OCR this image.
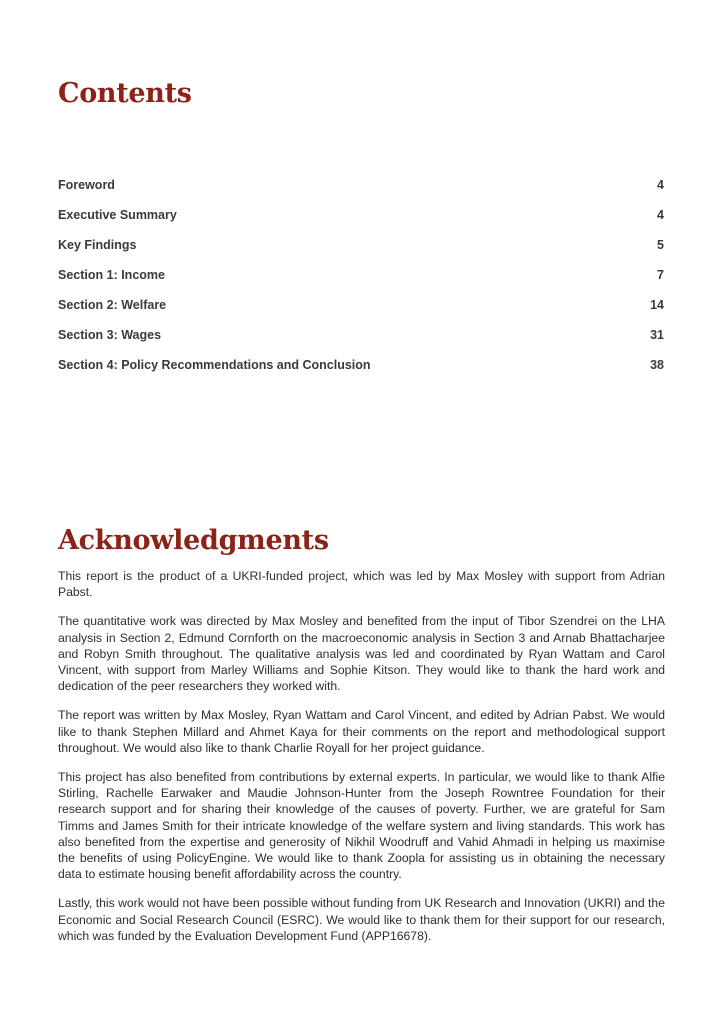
Contents
Foreword	4
Executive Summary	4
Key Findings	5
Section 1: Income	7
Section 2: Welfare	14
Section 3: Wages	31
Section 4: Policy Recommendations and Conclusion	38
Acknowledgments

This report is the product of a UKRI-funded project, which was led by Max Mosley with support from Adrian Pabst.

The quantitative work was directed by Max Mosley and benefited from the input of Tibor Szendrei on the LHA analysis in Section 2, Edmund Cornforth on the macroeconomic analysis in Section 3 and Arnab Bhattacharjee and Robyn Smith throughout. The qualitative analysis was led and coordinated by Ryan Wattam and Carol Vincent, with support from Marley Williams and Sophie Kitson. They would like to thank the hard work and dedication of the peer researchers they worked with.

The report was written by Max Mosley, Ryan Wattam and Carol Vincent, and edited by Adrian Pabst. We would like to thank Stephen Millard and Ahmet Kaya for their comments on the report and methodological support throughout. We would also like to thank Charlie Royall for her project guidance.

This project has also benefited from contributions by external experts. In particular, we would like to thank Alfie Stirling, Rachelle Earwaker and Maudie Johnson-Hunter from the Joseph Rowntree Foundation for their research support and for sharing their knowledge of the causes of poverty. Further, we are grateful for Sam Timms and James Smith for their intricate knowledge of the welfare system and living standards. This work has also benefited from the expertise and generosity of Nikhil Woodruff and Vahid Ahmadi in helping us maximise the benefits of using PolicyEngine. We would like to thank Zoopla for assisting us in obtaining the necessary data to estimate housing benefit affordability across the country.

Lastly, this work would not have been possible without funding from UK Research and Innovation (UKRI) and the Economic and Social Research Council (ESRC). We would like to thank them for their support for our research, which was funded by the Evaluation Development Fund (APP16678).
